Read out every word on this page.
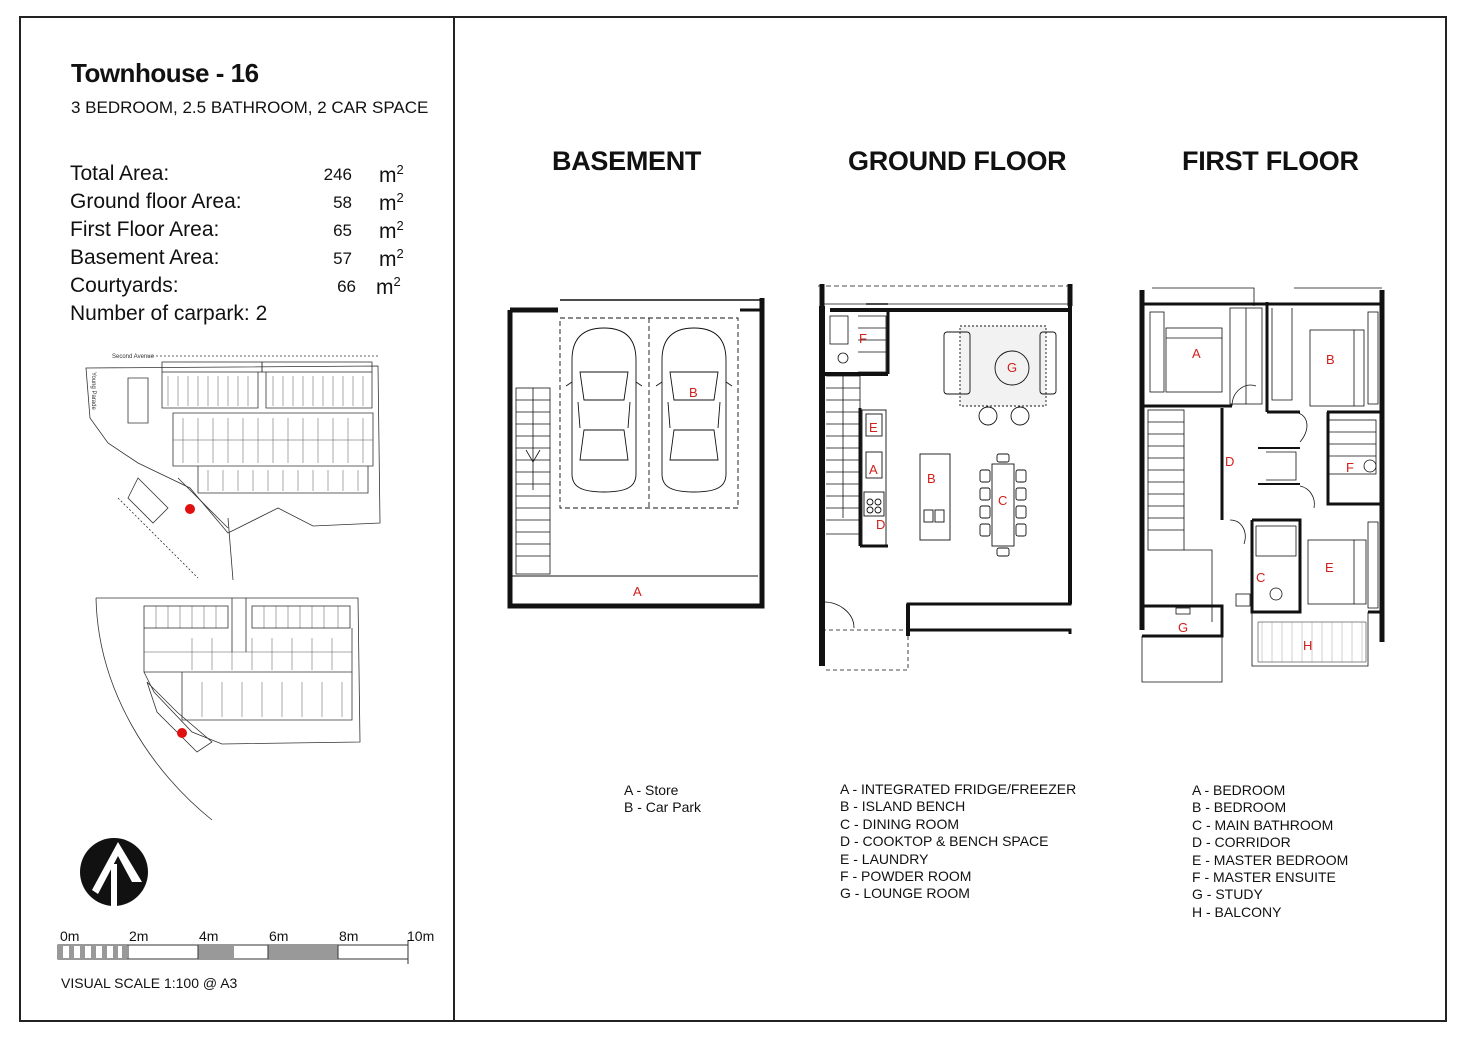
Townhouse - 16
3 BEDROOM, 2.5 BATHROOM, 2 CAR SPACE
Total Area:	246 $m^2$
Ground floor Area:	58 $m^2$
First Floor Area:	65 $m^2$
Basement Area:	57 $m^2$
Courtyards:	66 $m^2$
Number of carpark: 2
Second Avenue
Young Parade
0m	2m	4m	6m	8m	10m
VISUAL SCALE 1:100 @ A3
BASEMENT	GROUND FLOOR	FIRST FLOOR
A
B
A
B
C
D
E
F
G
A	B
C
D
E
F
G
H
A - Store
B - Car Park
A - INTEGRATED FRIDGE/FREEZER
B - ISLAND BENCH
C - DINING ROOM
D - COOKTOP & BENCH SPACE
E - LAUNDRY
F - POWDER ROOM
G - LOUNGE ROOM
A - BEDROOM
B - BEDROOM
C - MAIN BATHROOM
D - CORRIDOR
E - MASTER BEDROOM
F - MASTER ENSUITE
G - STUDY
H - BALCONY
